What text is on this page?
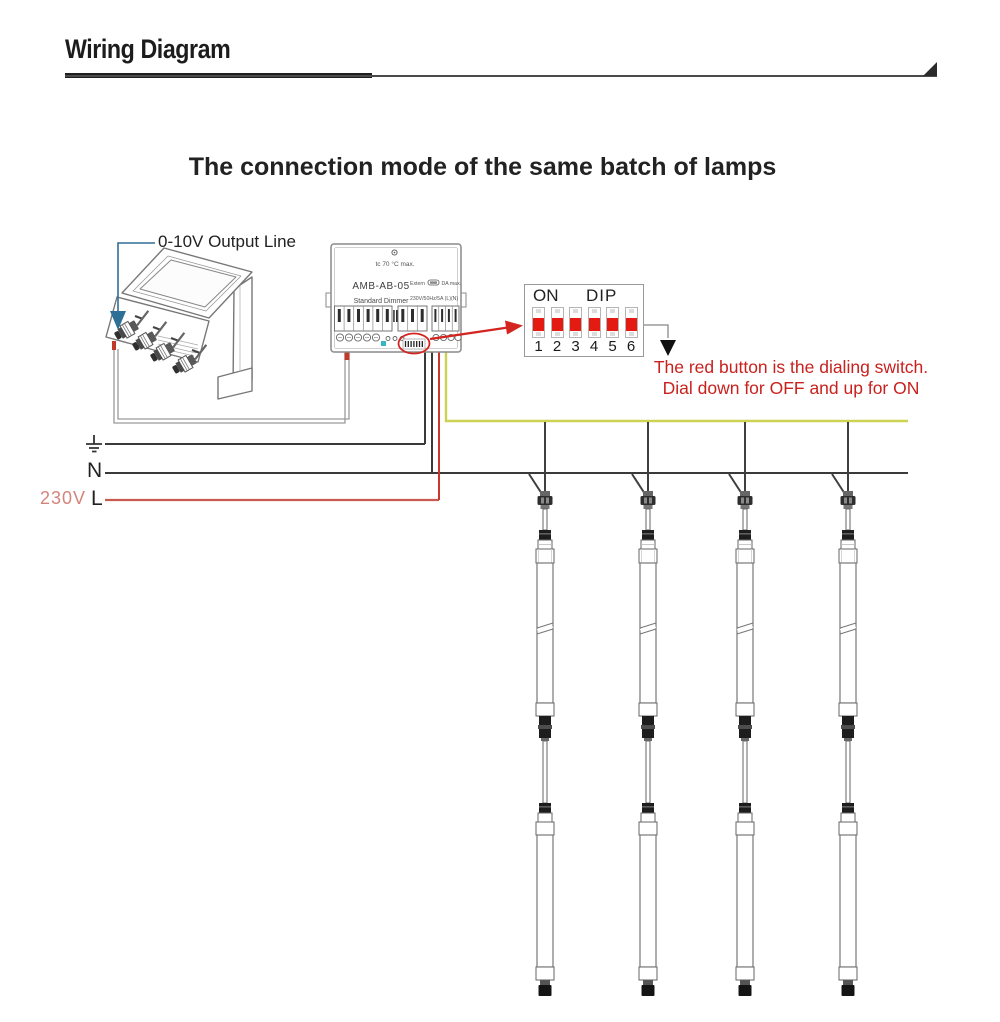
Wiring Diagram
The connection mode of the same batch of lamps
0-10V Output Line
The red button is the dialing switch.
Dial down for OFF and up for ON
N
L
230V
ON DIP
1 2 3 4 5 6
tc 70 °C max.
AMB-AB-05
Standard Dimmer
Extern	DA max.
230V/50Hz/5A (L)(N)
